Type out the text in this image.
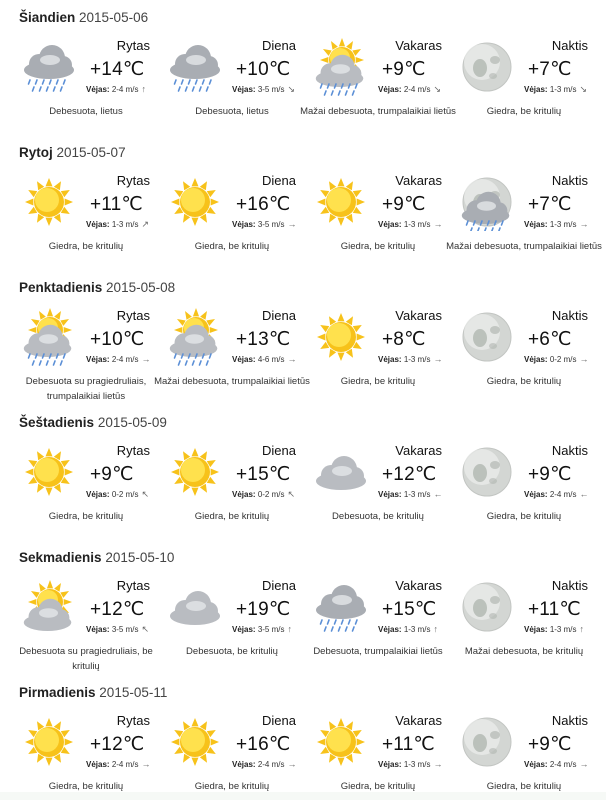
Šiandien 2015-05-06
Rytas
+14℃
Vėjas: 2-4 m/s ↑
Debesuota, lietus
Diena
+10℃
Vėjas: 3-5 m/s ↘
Debesuota, lietus
Vakaras
+9℃
Vėjas: 2-4 m/s ↘
Mažai debesuota, trumpalaikiai lietūs
Naktis
+7℃
Vėjas: 1-3 m/s ↘
Giedra, be kritulių
Rytoj 2015-05-07
Rytas
+11℃
Vėjas: 1-3 m/s ↗
Giedra, be kritulių
Diena
+16℃
Vėjas: 3-5 m/s →
Giedra, be kritulių
Vakaras
+9℃
Vėjas: 1-3 m/s →
Giedra, be kritulių
Naktis
+7℃
Vėjas: 1-3 m/s →
Mažai debesuota, trumpalaikiai lietūs
Penktadienis 2015-05-08
Rytas
+10℃
Vėjas: 2-4 m/s →
Debesuota su pragiedruliais, trumpalaikiai lietūs
Diena
+13℃
Vėjas: 4-6 m/s →
Mažai debesuota, trumpalaikiai lietūs
Vakaras
+8℃
Vėjas: 1-3 m/s →
Giedra, be kritulių
Naktis
+6℃
Vėjas: 0-2 m/s →
Giedra, be kritulių
Šeštadienis 2015-05-09
Rytas
+9℃
Vėjas: 0-2 m/s ↖
Giedra, be kritulių
Diena
+15℃
Vėjas: 0-2 m/s ↖
Giedra, be kritulių
Vakaras
+12℃
Vėjas: 1-3 m/s ←
Debesuota, be kritulių
Naktis
+9℃
Vėjas: 2-4 m/s ←
Giedra, be kritulių
Sekmadienis 2015-05-10
Rytas
+12℃
Vėjas: 3-5 m/s ↖
Debesuota su pragiedruliais, be kritulių
Diena
+19℃
Vėjas: 3-5 m/s ↑
Debesuota, be kritulių
Vakaras
+15℃
Vėjas: 1-3 m/s ↑
Debesuota, trumpalaikiai lietūs
Naktis
+11℃
Vėjas: 1-3 m/s ↑
Mažai debesuota, be kritulių
Pirmadienis 2015-05-11
Rytas
+12℃
Vėjas: 2-4 m/s →
Giedra, be kritulių
Diena
+16℃
Vėjas: 2-4 m/s →
Giedra, be kritulių
Vakaras
+11℃
Vėjas: 1-3 m/s →
Giedra, be kritulių
Naktis
+9℃
Vėjas: 2-4 m/s →
Giedra, be kritulių
